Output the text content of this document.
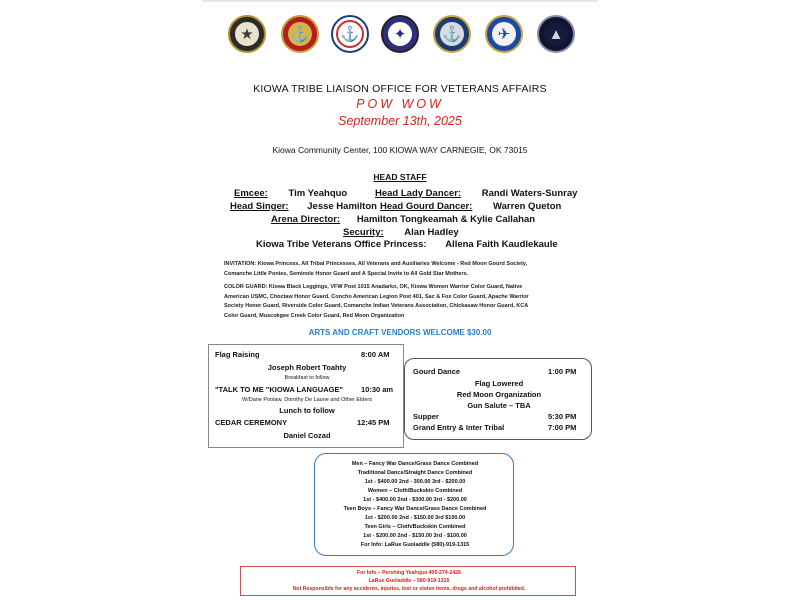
★	⚓	⚓	✦	⚓	✈	▲
KIOWA TRIBE LIAISON OFFICE FOR VETERANS AFFAIRS
POW WOW
September 13th, 2025
Kiowa Community Center, 100 KIOWA WAY CARNEGIE, OK 73015
HEAD STAFF
Emcee: Tim Yeahquo	Head Lady Dancer: Randi Waters-Sunray
Head Singer: Jesse Hamilton Head Gourd Dancer: Warren Queton
Arena Director: Hamilton Tongkeamah & Kylie Callahan
Security: Alan Hadley
Kiowa Tribe Veterans Office Princess: Allena Faith Kaudlekaule
INVITATION: Kiowa Princess, All Tribal Princesses, All Veterans and Auxiliaries Welcome - Red Moon Gourd Society,
Comanche Little Ponies, Seminole Honor Guard and A Special Invite to All Gold Star Mothers.
COLOR GUARD: Kiowa Black Leggings, VFW Post 1015 Anadarko, OK, Kiowa Women Warrior Color Guard, Native
American USMC, Choctaw Honor Guard, Concho American Legion Post 401, Sac & Fox Color Guard, Apache Warrior
Society Honor Guard, Riverside Color Guard, Comanche Indian Veterans Association, Chickasaw Honor Guard, KCA
Color Guard, Muscokgee Creek Color Guard, Red Moon Organization
ARTS AND CRAFT VENDORS WELCOME $30.00
Flag Raising	8:00 AM
Joseph Robert Toahty
Breakfast to follow
"TALK TO ME "KIOWA LANGUAGE" 10:30 am
W/Dane Poolaw, Dorothy De Laune and Other Elders
Lunch to follow
CEDAR CEREMONY	12:45 PM
Daniel Cozad
Gourd Dance	1:00 PM
Flag Lowered
Red Moon Organization
Gun Salute – TBA
Supper	5:30 PM
Grand Entry & Inter Tribal	7:00 PM
Men – Fancy War Dance/Grass Dance Combined
Traditional Dance/Straight Dance Combined
1st - $400.00 2nd - 300.00 3rd - $200.00
Women – Cloth/Buckskin Combined
1st - $400.00 2nd - $300.00 3rd - $200.00
Teen Boys – Fancy War Dance/Grass Dance Combined
1st - $200.00 2nd - $150.00 3rd $100.00
Teen Girls – Cloth/Buckskin Combined
1st - $200.00 2nd - $150.00 3rd - $100.00
For Info: LaRue Guoladdle (580)-919-1315
For Info – Pershing Yeahquo 405-274-2426
LaRue Guoladdle – 580-919-1315
Not Responsible for any accidents, injuries, lost or stolen items, drugs and alcohol prohibited.
